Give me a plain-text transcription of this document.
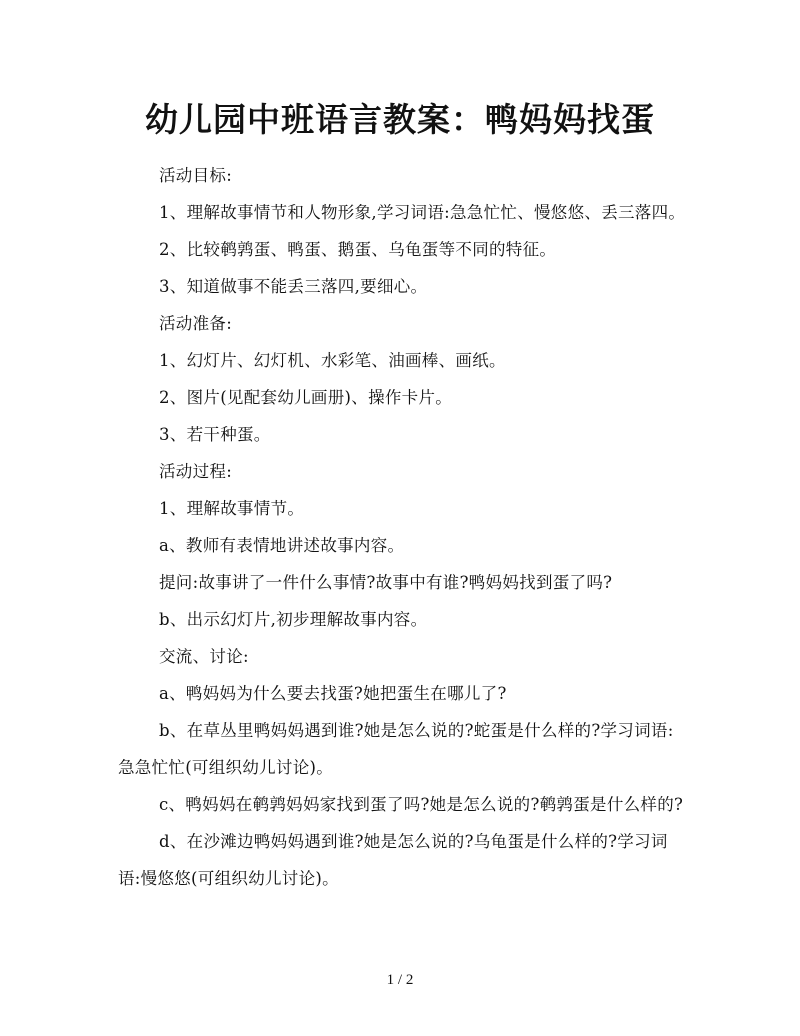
幼儿园中班语言教案：鸭妈妈找蛋

活动目标:

1、理解故事情节和人物形象,学习词语:急急忙忙、慢悠悠、丢三落四。

2、比较鹌鹑蛋、鸭蛋、鹅蛋、乌龟蛋等不同的特征。

3、知道做事不能丢三落四,要细心。

活动准备:

1、幻灯片、幻灯机、水彩笔、油画棒、画纸。

2、图片(见配套幼儿画册)、操作卡片。

3、若干种蛋。

活动过程:

1、理解故事情节。

a、教师有表情地讲述故事内容。

提问:故事讲了一件什么事情?故事中有谁?鸭妈妈找到蛋了吗?

b、出示幻灯片,初步理解故事内容。

交流、讨论:

a、鸭妈妈为什么要去找蛋?她把蛋生在哪儿了?

b、在草丛里鸭妈妈遇到谁?她是怎么说的?蛇蛋是什么样的?学习词语:急急忙忙(可组织幼儿讨论)。

c、鸭妈妈在鹌鹑妈妈家找到蛋了吗?她是怎么说的?鹌鹑蛋是什么样的?

d、在沙滩边鸭妈妈遇到谁?她是怎么说的?乌龟蛋是什么样的?学习词语:慢悠悠(可组织幼儿讨论)。

1 / 2
